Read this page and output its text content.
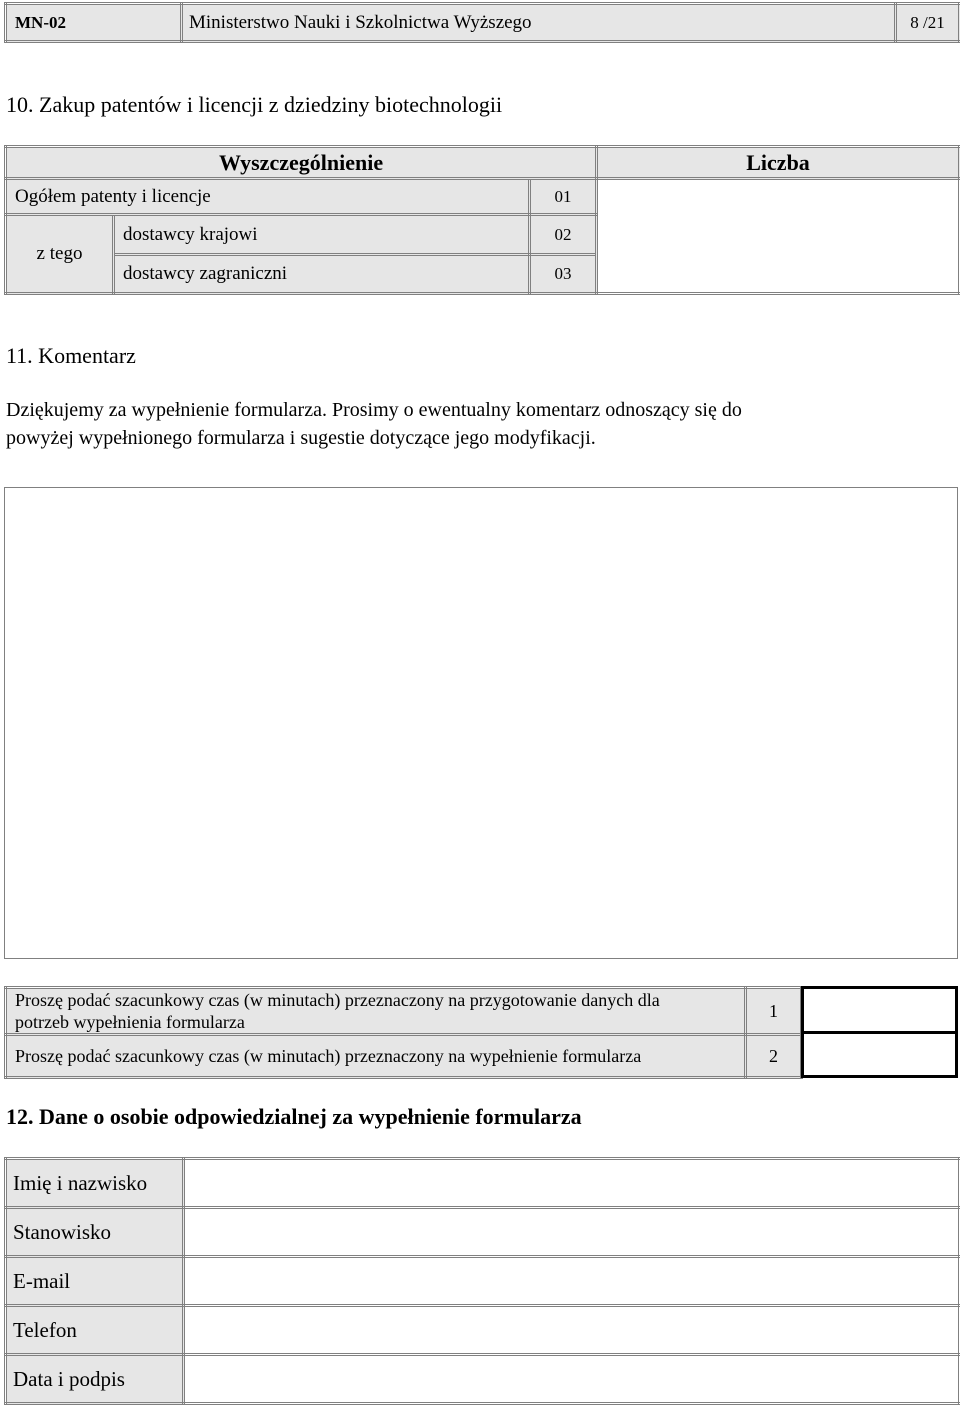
MN-02	Ministerstwo Nauki i Szkolnictwa Wyższego	8 /21
10. Zakup patentów i licencji z dziedziny biotechnologii
Wyszczególnienie			Liczba
Ogółem patenty i licencje		01	
z tego	dostawcy krajowi	02	
	dostawcy zagraniczni	03	
11. Komentarz
Dziękujemy za wypełnienie formularza. Prosimy o ewentualny komentarz odnoszący się do
powyżej wypełnionego formularza i sugestie dotyczące jego modyfikacji.
Proszę podać szacunkowy czas (w minutach) przeznaczony na przygotowanie danych dla
potrzeb wypełnienia formularza	1
Proszę podać szacunkowy czas (w minutach) przeznaczony na wypełnienie formularza	2
12. Dane o osobie odpowiedzialnej za wypełnienie formularza
Imię i nazwisko	
Stanowisko	
E-mail	
Telefon	
Data i podpis	
